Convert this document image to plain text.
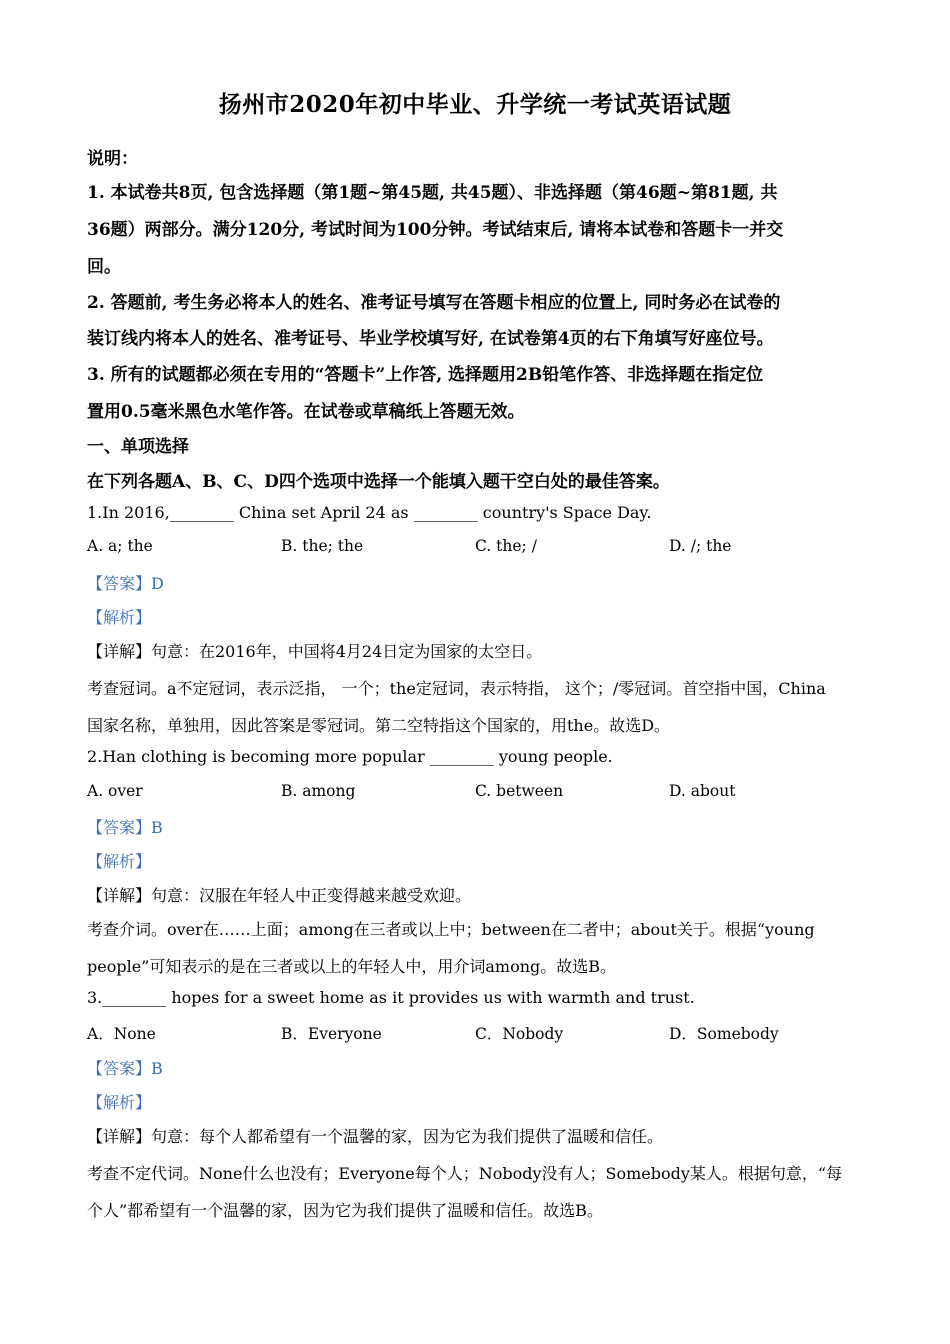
扬州市2020年初中毕业、升学统一考试英语试题
说明：
1. 本试卷共8页, 包含选择题（第1题~第45题, 共45题）、非选择题（第46题~第81题, 共
36题）两部分。满分120分, 考试时间为100分钟。考试结束后, 请将本试卷和答题卡一并交
回。
2. 答题前, 考生务必将本人的姓名、准考证号填写在答题卡相应的位置上, 同时务必在试卷的
装订线内将本人的姓名、准考证号、毕业学校填写好, 在试卷第4页的右下角填写好座位号。
3. 所有的试题都必须在专用的“答题卡”上作答, 选择题用2B铅笔作答、非选择题在指定位
置用0.5毫米黑色水笔作答。在试卷或草稿纸上答题无效。
一、单项选择
在下列各题A、B、C、D四个选项中选择一个能填入题干空白处的最佳答案。
1.In 2016,________ China set April 24 as ________ country's Space Day.
A. a; the	B. the; the	C. the; /	D. /; the
【答案】D
【解析】
【详解】句意：在2016年，中国将4月24日定为国家的太空日。
考查冠词。a不定冠词，表示泛指， 一个；the定冠词，表示特指， 这个；/零冠词。首空指中国，China
国家名称，单独用，因此答案是零冠词。第二空特指这个国家的，用the。故选D。
2.Han clothing is becoming more popular ________ young people.
A. over	B. among	C. between	D. about
【答案】B
【解析】
【详解】句意：汉服在年轻人中正变得越来越受欢迎。
考查介词。over在……上面；among在三者或以上中；between在二者中；about关于。根据“young
people”可知表示的是在三者或以上的年轻人中，用介词among。故选B。
3.________ hopes for a sweet home as it provides us with warmth and trust.
A．None	B．Everyone	C．Nobody	D．Somebody
【答案】B
【解析】
【详解】句意：每个人都希望有一个温馨的家，因为它为我们提供了温暖和信任。
考查不定代词。None什么也没有；Everyone每个人；Nobody没有人；Somebody某人。根据句意，“每
个人”都希望有一个温馨的家，因为它为我们提供了温暖和信任。故选B。
